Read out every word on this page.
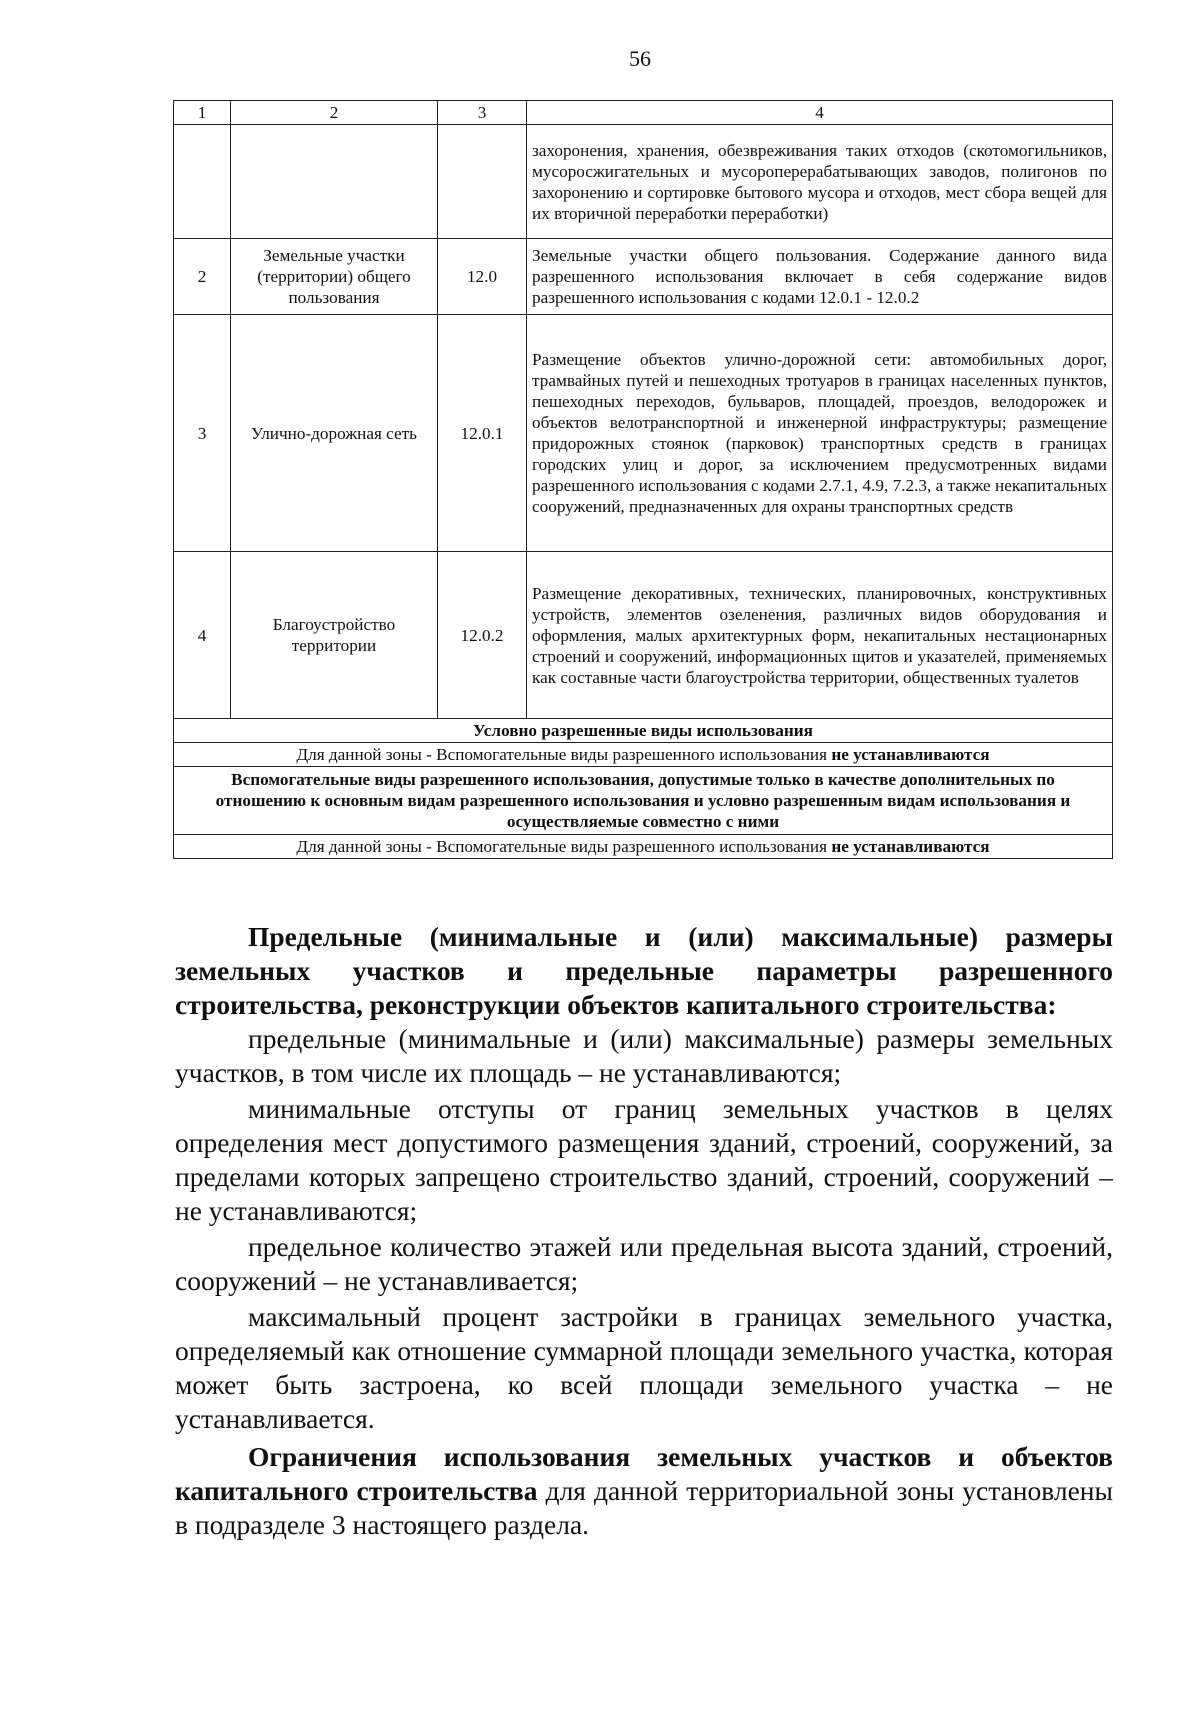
56
1	2	3	4
			захоронения, хранения, обезвреживания таких отходов (скотомогильников, мусоросжигательных и мусороперерабатывающих заводов, полигонов по захоронению и сортировке бытового мусора и отходов, мест сбора вещей для их вторичной переработки переработки)
2	Земельные участки (территории) общего пользования	12.0	Земельные участки общего пользования. Содержание данного вида разрешенного использования включает в себя содержание видов разрешенного использования с кодами 12.0.1 - 12.0.2
3	Улично-дорожная сеть	12.0.1	Размещение объектов улично-дорожной сети: автомобильных дорог, трамвайных путей и пешеходных тротуаров в границах населенных пунктов, пешеходных переходов, бульваров, площадей, проездов, велодорожек и объектов велотранспортной и инженерной инфраструктуры; размещение придорожных стоянок (парковок) транспортных средств в границах городских улиц и дорог, за исключением предусмотренных видами разрешенного использования с кодами 2.7.1, 4.9, 7.2.3, а также некапитальных сооружений, предназначенных для охраны транспортных средств
4	Благоустройство территории	12.0.2	Размещение декоративных, технических, планировочных, конструктивных устройств, элементов озеленения, различных видов оборудования и оформления, малых архитектурных форм, некапитальных нестационарных строений и сооружений, информационных щитов и указателей, применяемых как составные части благоустройства территории, общественных туалетов
Условно разрешенные виды использования			
Для данной зоны - Вспомогательные виды разрешенного использования не устанавливаются			
Вспомогательные виды разрешенного использования, допустимые только в качестве дополнительных по отношению к основным видам разрешенного использования и условно разрешенным видам использования и осуществляемые совместно с ними			
Для данной зоны - Вспомогательные виды разрешенного использования не устанавливаются			

Предельные (минимальные и (или) максимальные) размеры земельных участков и предельные параметры разрешенного строительства, реконструкции объектов капитального строительства:

предельные (минимальные и (или) максимальные) размеры земельных участков, в том числе их площадь – не устанавливаются;

минимальные отступы от границ земельных участков в целях определения мест допустимого размещения зданий, строений, сооружений, за пределами которых запрещено строительство зданий, строений, сооружений – не устанавливаются;

предельное количество этажей или предельная высота зданий, строений, сооружений – не устанавливается;

максимальный процент застройки в границах земельного участка, определяемый как отношение суммарной площади земельного участка, которая может быть застроена, ко всей площади земельного участка – не устанавливается.

Ограничения использования земельных участков и объектов капитального строительства для данной территориальной зоны установлены в подразделе 3 настоящего раздела.
